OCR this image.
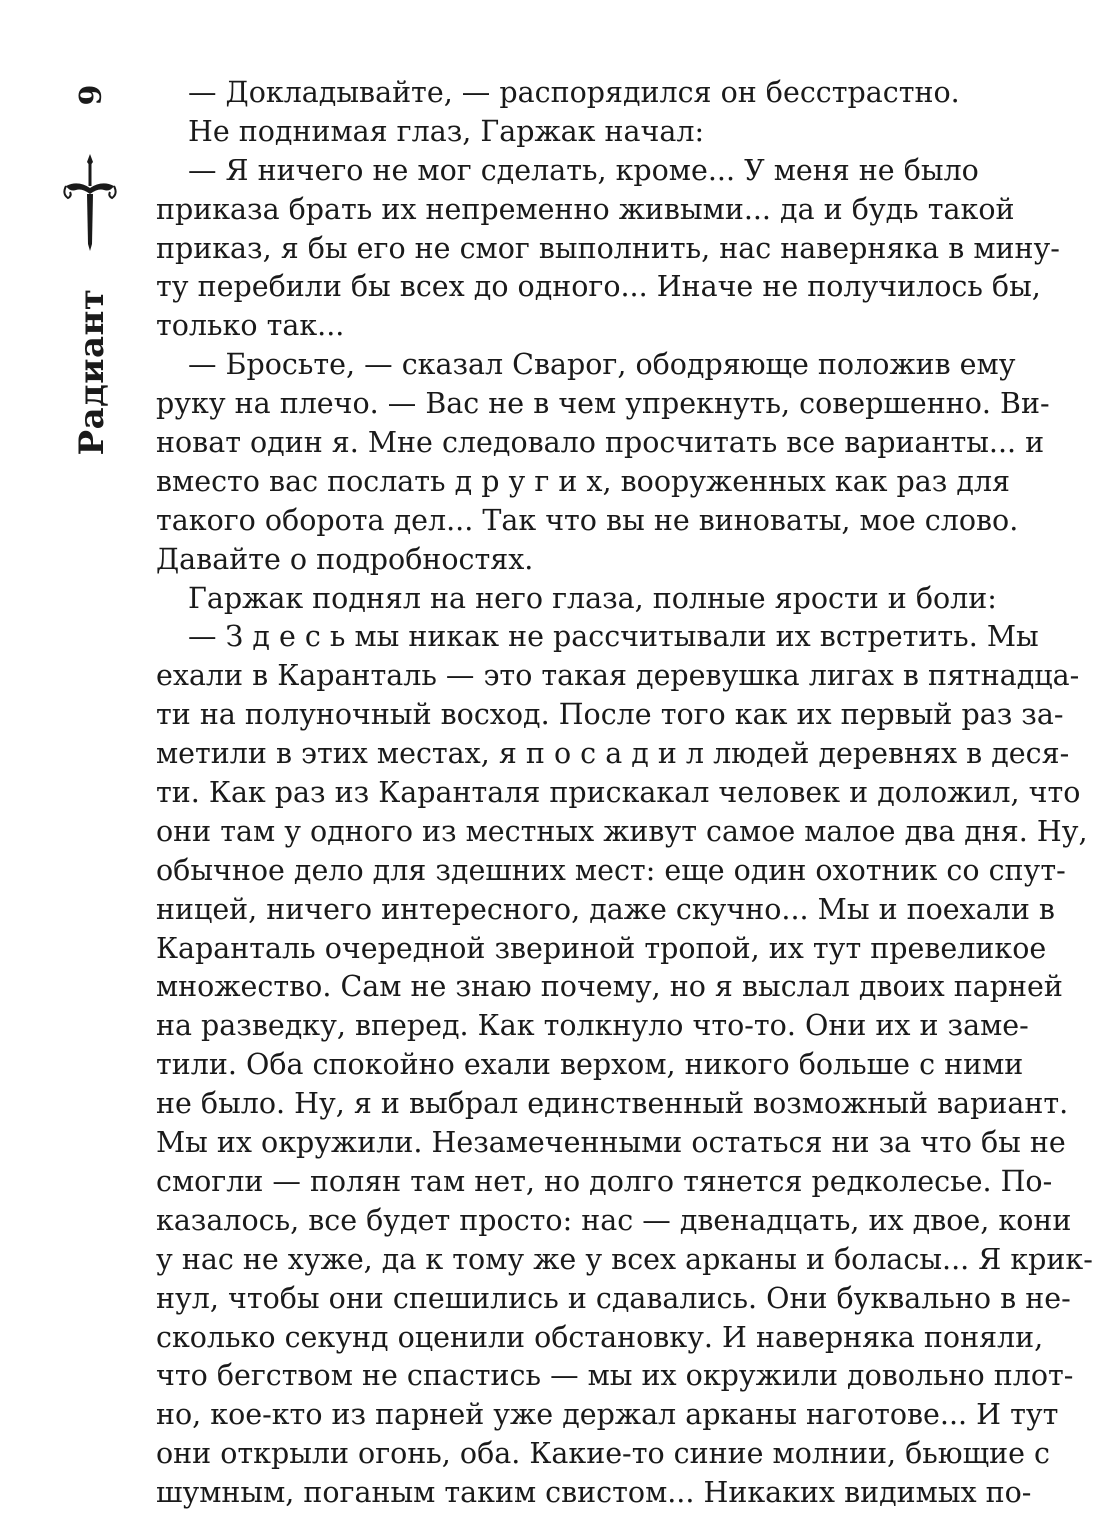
6
Радиант
— Докладывайте, — распорядился он бесстрастно.
Не поднимая глаз, Гаржак начал:
— Я ничего не мог сделать, кроме... У меня не было
приказа брать их непременно живыми... да и будь такой
приказ, я бы его не смог выполнить, нас наверняка в мину-
ту перебили бы всех до одного... Иначе не получилось бы,
только так...
— Бросьте, — сказал Сварог, ободряюще положив ему
руку на плечо. — Вас не в чем упрекнуть, совершенно. Ви-
новат один я. Мне следовало просчитать все варианты... и
вместо вас послать д р у г и х, вооруженных как раз для
такого оборота дел... Так что вы не виноваты, мое слово.
Давайте о подробностях.
Гаржак поднял на него глаза, полные ярости и боли:
— З д е с ь мы никак не рассчитывали их встретить. Мы
ехали в Каранталь — это такая деревушка лигах в пятнадца-
ти на полуночный восход. После того как их первый раз за-
метили в этих местах, я п о с а д и л людей деревнях в деся-
ти. Как раз из Каранталя прискакал человек и доложил, что
они там у одного из местных живут самое малое два дня. Ну,
обычное дело для здешних мест: еще один охотник со спут-
ницей, ничего интересного, даже скучно... Мы и поехали в
Каранталь очередной звериной тропой, их тут превеликое
множество. Сам не знаю почему, но я выслал двоих парней
на разведку, вперед. Как толкнуло что-то. Они их и заме-
тили. Оба спокойно ехали верхом, никого больше с ними
не было. Ну, я и выбрал единственный возможный вариант.
Мы их окружили. Незамеченными остаться ни за что бы не
смогли — полян там нет, но долго тянется редколесье. По-
казалось, все будет просто: нас — двенадцать, их двое, кони
у нас не хуже, да к тому же у всех арканы и боласы... Я крик-
нул, чтобы они спешились и сдавались. Они буквально в не-
сколько секунд оценили обстановку. И наверняка поняли,
что бегством не спастись — мы их окружили довольно плот-
но, кое-кто из парней уже держал арканы наготове... И тут
они открыли огонь, оба. Какие-то синие молнии, бьющие с
шумным, поганым таким свистом... Никаких видимых по-
